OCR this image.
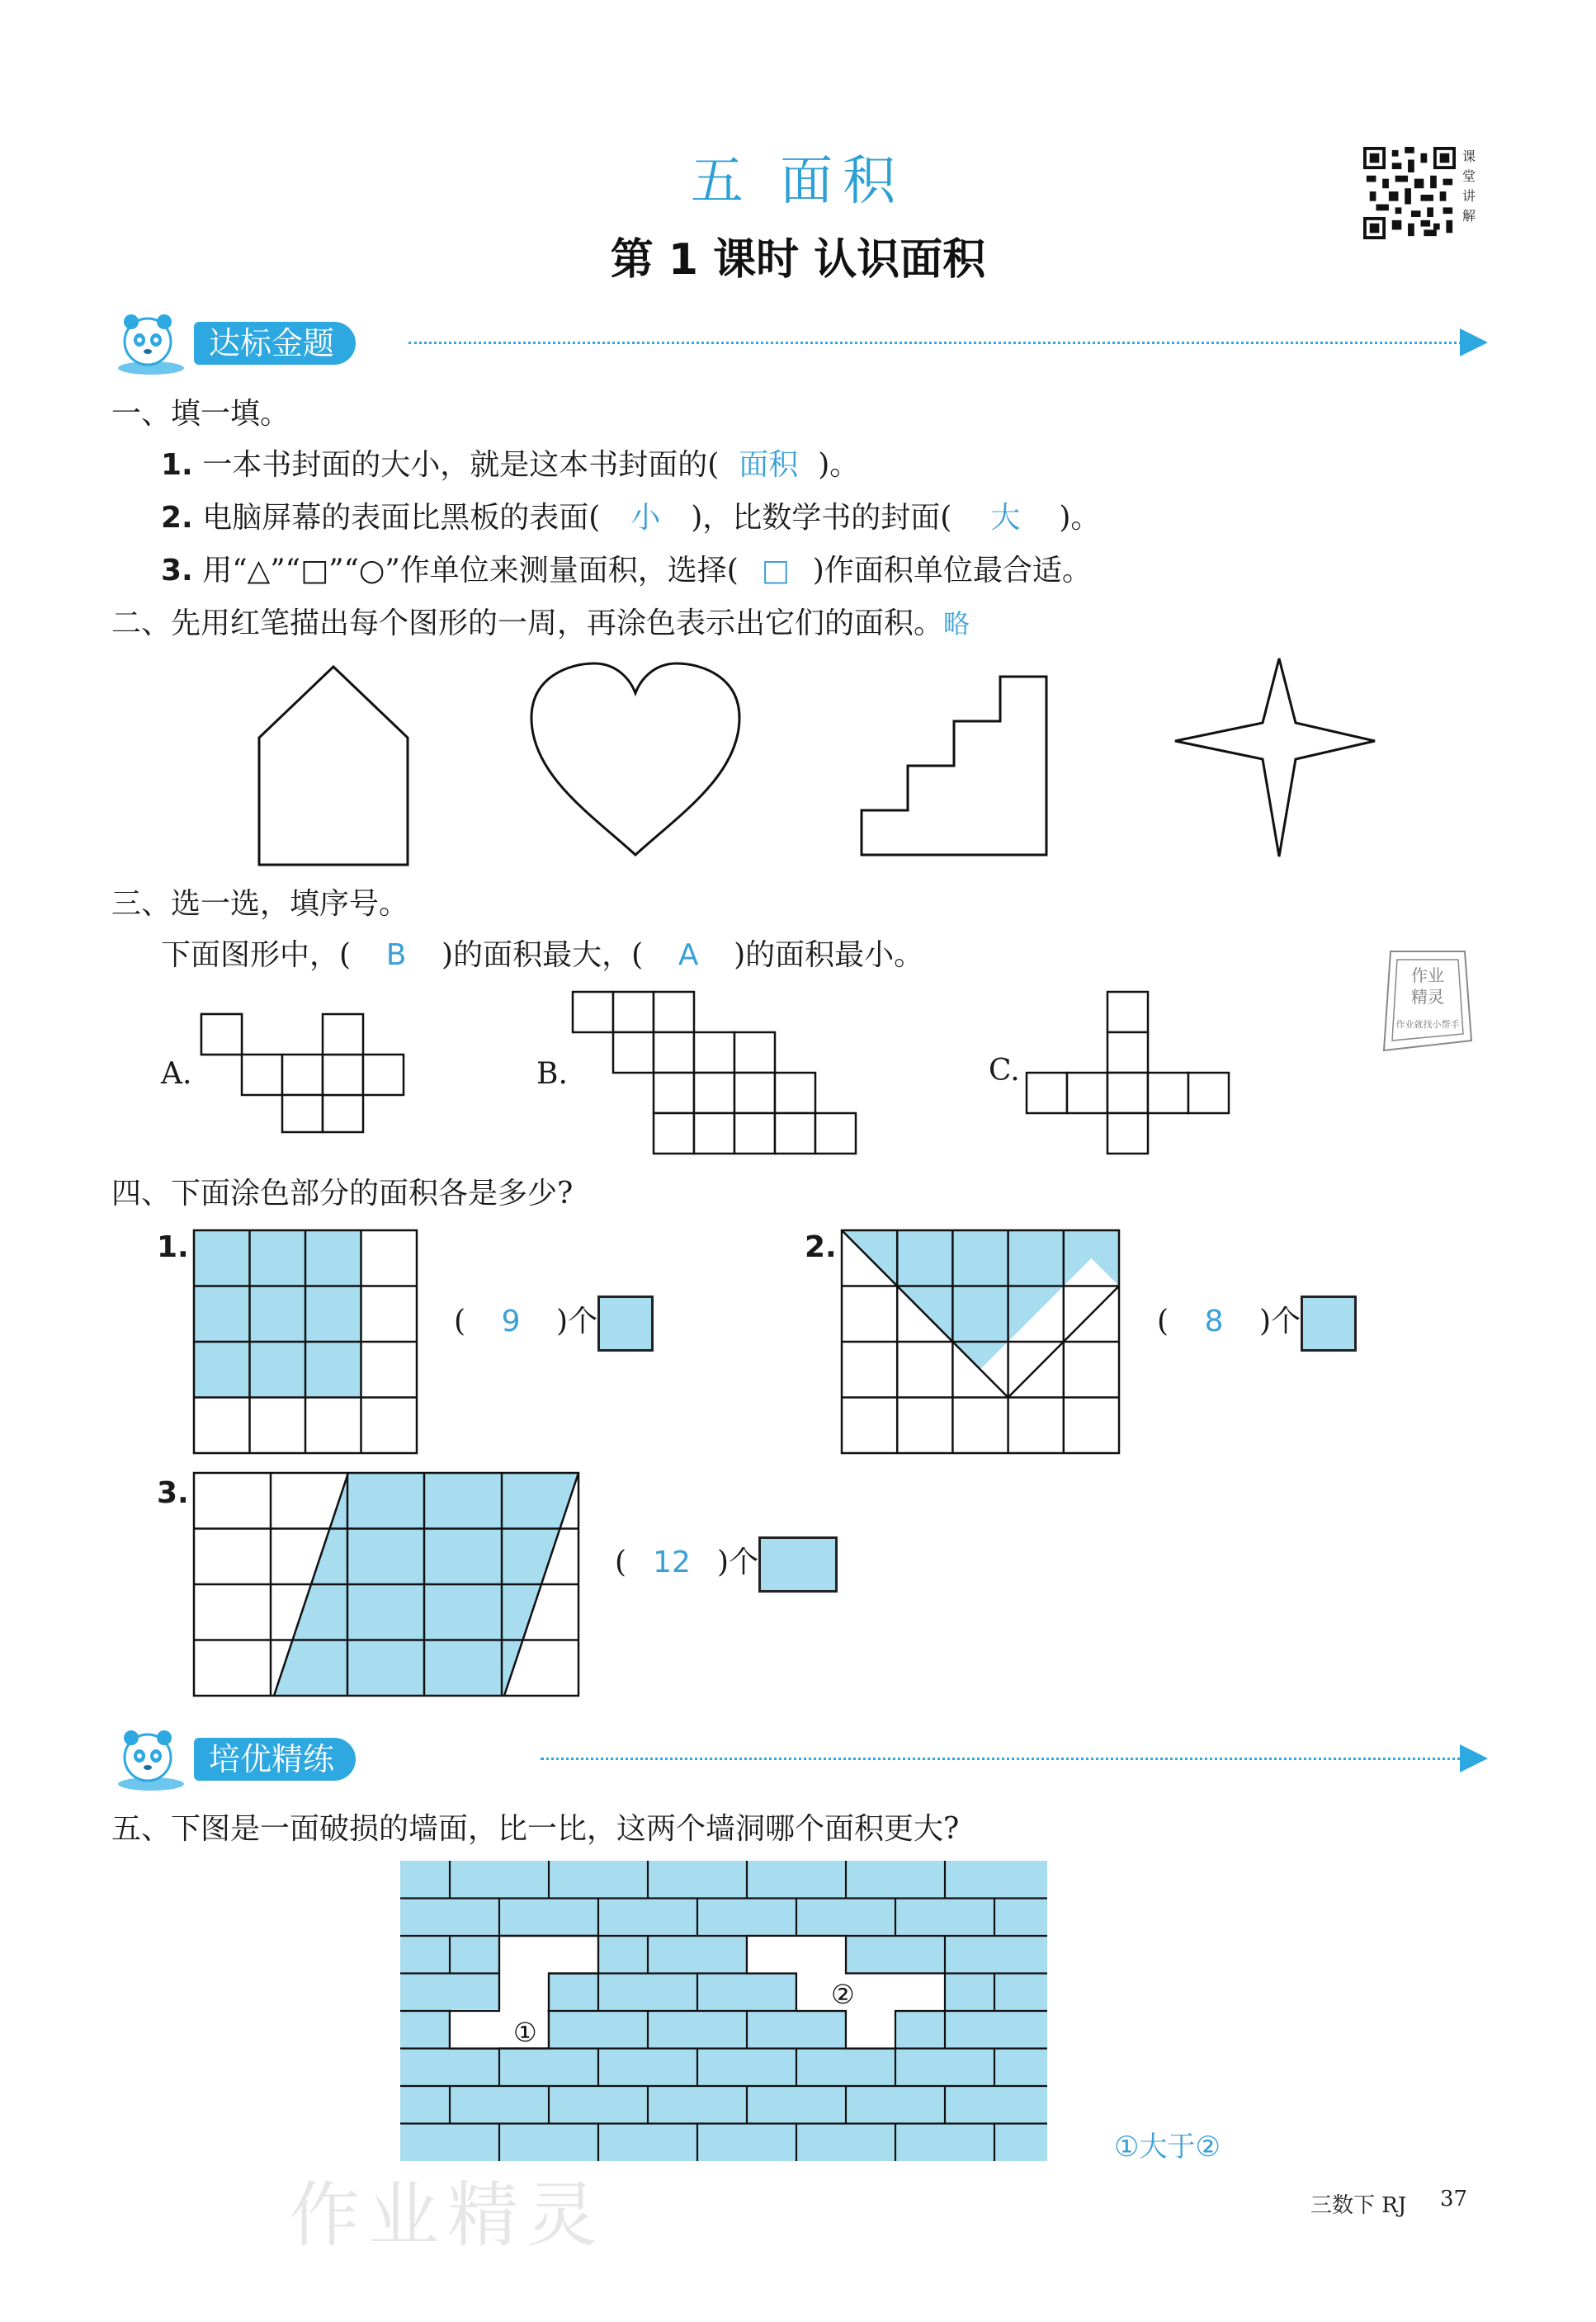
五 面积
第 1 课时 认识面积
课堂讲解
达标金题
一、填一填。
1. 一本书封面的大小，就是这本书封面的( 面积 )。
2. 电脑屏幕的表面比黑板的表面( 小 )，比数学书的封面( 大 )。
3. 用“△”“□”“○”作单位来测量面积，选择( □ )作面积单位最合适。
二、先用红笔描出每个图形的一周，再涂色表示出它们的面积。略
三、选一选，填序号。
下面图形中，( B )的面积最大，( A )的面积最小。
A.	B.	C.
作业
精灵
作业就找小帮手
四、下面涂色部分的面积各是多少?
1.
( 9 )个
2.
( 8 )个
3.
( 12 )个
培优精练
五、下图是一面破损的墙面，比一比，这两个墙洞哪个面积更大?
①
②
①大于②
作业精灵	三数下 RJ 37
